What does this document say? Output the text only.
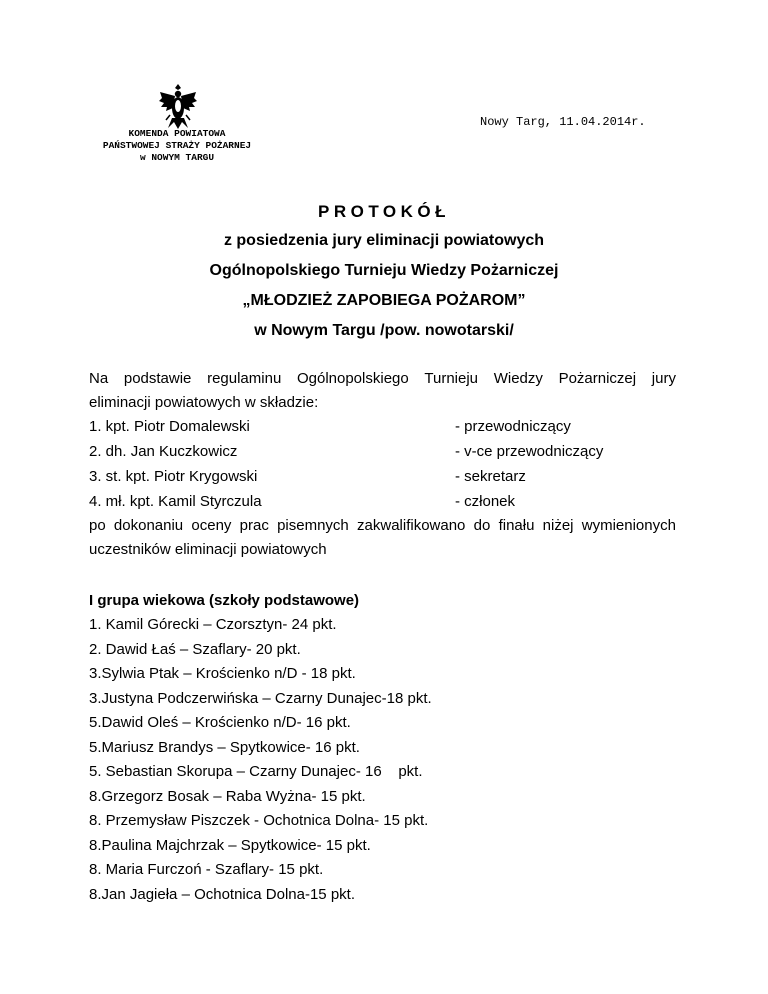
KOMENDA POWIATOWA
PAŃSTWOWEJ STRAŻY POŻARNEJ
w NOWYM TARGU
Nowy Targ, 11.04.2014r.
PROTOKÓŁ
z posiedzenia jury eliminacji powiatowych
Ogólnopolskiego Turnieju Wiedzy Pożarniczej
„MŁODZIEŻ ZAPOBIEGA POŻAROM”
w Nowym Targu /pow. nowotarski/
Na podstawie regulaminu Ogólnopolskiego Turnieju Wiedzy Pożarniczej jury
eliminacji powiatowych w składzie:
1. kpt. Piotr Domalewski	- przewodniczący
2. dh. Jan Kuczkowicz	- v-ce przewodniczący
3. st. kpt. Piotr Krygowski	- sekretarz
4. mł. kpt. Kamil Styrczula	- członek
po dokonaniu oceny prac pisemnych zakwalifikowano do finału niżej wymienionych
uczestników eliminacji powiatowych
I grupa wiekowa (szkoły podstawowe)
1. Kamil Górecki – Czorsztyn- 24 pkt.
2. Dawid Łaś – Szaflary- 20 pkt.
3.Sylwia Ptak – Krościenko n/D - 18 pkt.
3.Justyna Podczerwińska – Czarny Dunajec-18 pkt.
5.Dawid Oleś – Krościenko n/D- 16 pkt.
5.Mariusz Brandys – Spytkowice- 16 pkt.
5. Sebastian Skorupa – Czarny Dunajec- 16    pkt.
8.Grzegorz Bosak – Raba Wyżna- 15 pkt.
8. Przemysław Piszczek - Ochotnica Dolna- 15 pkt.
8.Paulina Majchrzak – Spytkowice- 15 pkt.
8. Maria Furczoń - Szaflary- 15 pkt.
8.Jan Jagieła – Ochotnica Dolna-15 pkt.
